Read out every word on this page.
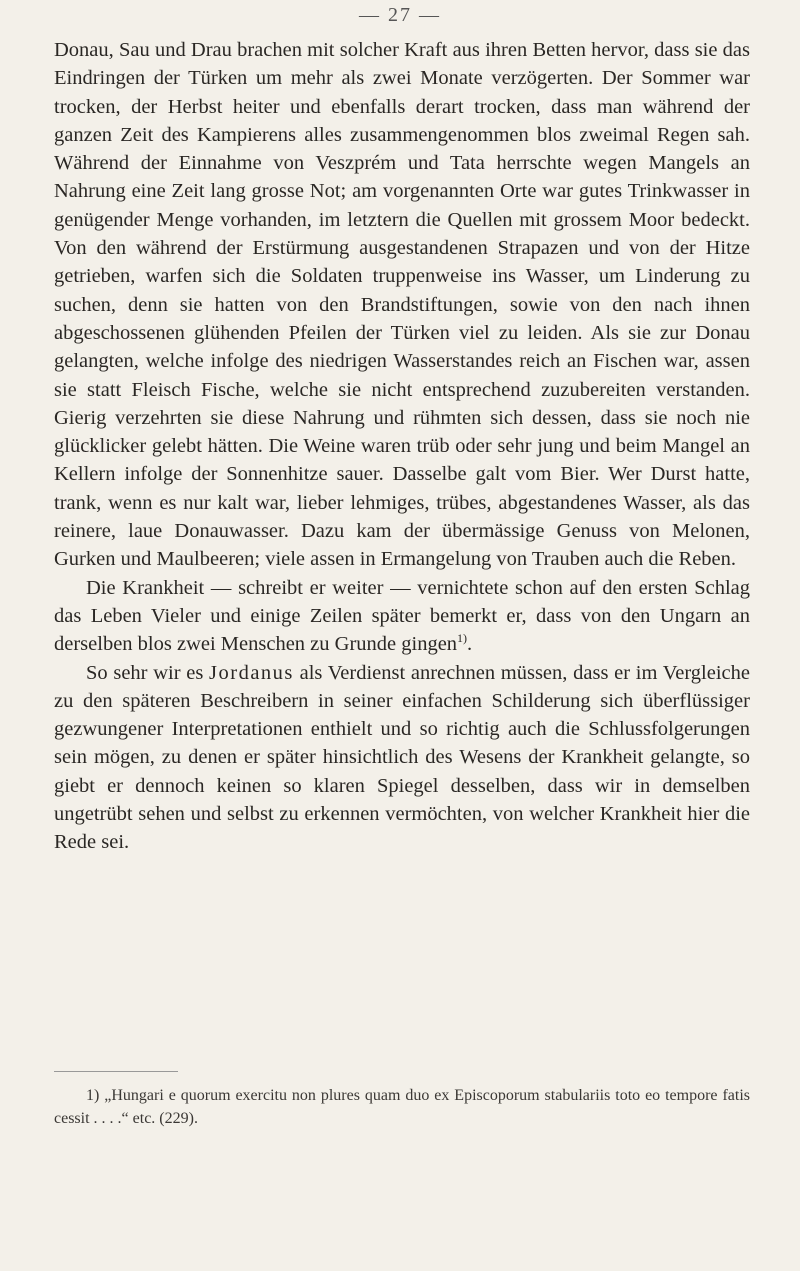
— 27 —

Donau, Sau und Drau brachen mit solcher Kraft aus ihren Betten hervor, dass sie das Eindringen der Türken um mehr als zwei Monate verzögerten. Der Sommer war trocken, der Herbst heiter und ebenfalls derart trocken, dass man während der ganzen Zeit des Kampierens alles zusammengenommen blos zweimal Regen sah. Während der Einnahme von Veszprém und Tata herrschte wegen Mangels an Nahrung eine Zeit lang grosse Not; am vorgenannten Orte war gutes Trinkwasser in genügender Menge vorhanden, im letztern die Quellen mit grossem Moor bedeckt. Von den während der Erstürmung ausgestandenen Strapazen und von der Hitze getrieben, warfen sich die Soldaten truppenweise ins Wasser, um Linderung zu suchen, denn sie hatten von den Brandstiftungen, sowie von den nach ihnen abgeschossenen glühenden Pfeilen der Türken viel zu leiden. Als sie zur Donau gelangten, welche infolge des niedrigen Wasserstandes reich an Fischen war, assen sie statt Fleisch Fische, welche sie nicht entsprechend zuzubereiten verstanden. Gierig verzehrten sie diese Nahrung und rühmten sich dessen, dass sie noch nie glücklicker gelebt hätten. Die Weine waren trüb oder sehr jung und beim Mangel an Kellern infolge der Sonnenhitze sauer. Dasselbe galt vom Bier. Wer Durst hatte, trank, wenn es nur kalt war, lieber lehmiges, trübes, abgestandenes Wasser, als das reinere, laue Donauwasser. Dazu kam der übermässige Genuss von Melonen, Gurken und Maulbeeren; viele assen in Ermangelung von Trauben auch die Reben.

Die Krankheit — schreibt er weiter — vernichtete schon auf den ersten Schlag das Leben Vieler und einige Zeilen später bemerkt er, dass von den Ungarn an derselben blos zwei Menschen zu Grunde gingen$^{1)}$.

So sehr wir es Jordanus als Verdienst anrechnen müssen, dass er im Vergleiche zu den späteren Beschreibern in seiner einfachen Schilderung sich überflüssiger gezwungener Interpretationen enthielt und so richtig auch die Schlussfolgerungen sein mögen, zu denen er später hinsichtlich des Wesens der Krankheit gelangte, so giebt er dennoch keinen so klaren Spiegel desselben, dass wir in demselben ungetrübt sehen und selbst zu erkennen vermöchten, von welcher Krankheit hier die Rede sei.

1) „Hungari e quorum exercitu non plures quam duo ex Episcoporum stabulariis toto eo tempore fatis cessit . . . .“ etc. (229).
